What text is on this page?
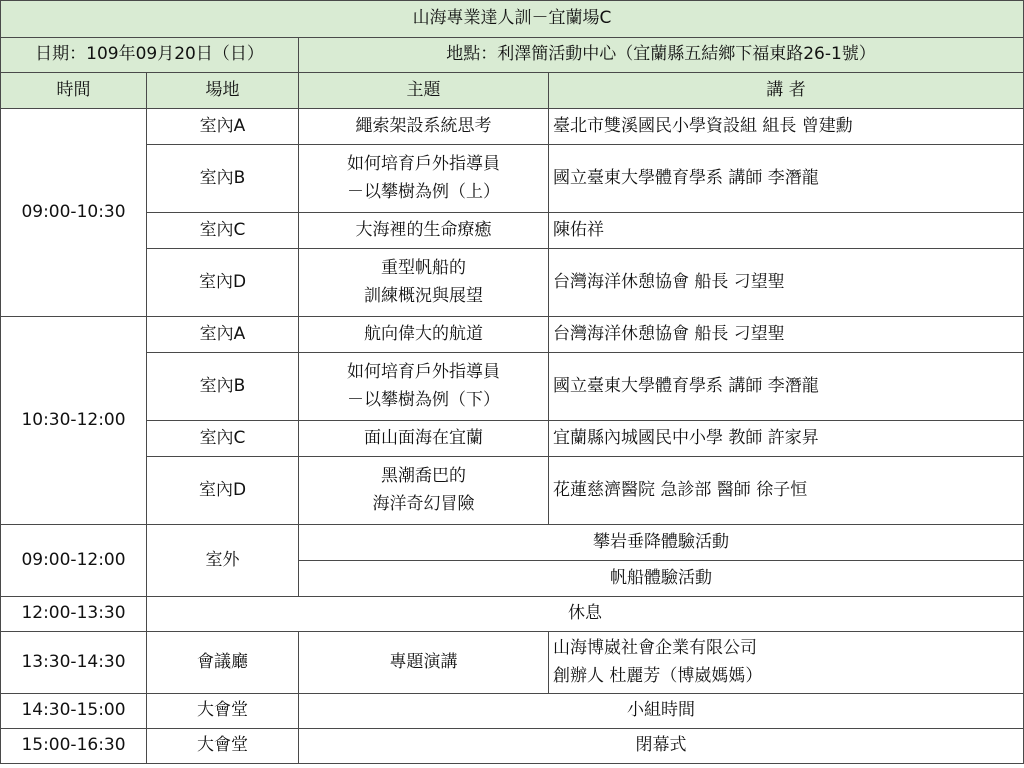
山海專業達人訓－宜蘭場C			
日期：109年09月20日（日）		地點：利澤簡活動中心（宜蘭縣五結鄉下福東路26-1號）	
時間	場地	主題	講 者
09:00-10:30	室內A	繩索架設系統思考	臺北市雙溪國民小學資設組 組長 曾建勳

	室內B	如何培育戶外指導員
－以攀樹為例（上）	國立臺東大學體育學系 講師 李潛龍

	室內C	大海裡的生命療癒	陳佑祥

	室內D	重型帆船的
訓練概況與展望	台灣海洋休憩協會 船長 刁望聖

10:30-12:00	室內A	航向偉大的航道	台灣海洋休憩協會 船長 刁望聖

	室內B	如何培育戶外指導員
－以攀樹為例（下）	國立臺東大學體育學系 講師 李潛龍

	室內C	面山面海在宜蘭	宜蘭縣內城國民中小學 教師 許家昇

	室內D	黑潮喬巴的
海洋奇幻冒險	花蓮慈濟醫院 急診部 醫師 徐子恒

09:00-12:00	室外	攀岩垂降體驗活動	
		帆船體驗活動	
12:00-13:30	休息		
13:30-14:30	會議廳	專題演講	山海博崴社會企業有限公司
創辦人 杜麗芳（博崴媽媽）

14:30-15:00	大會堂	小組時間	
15:00-16:30	大會堂	閉幕式	
